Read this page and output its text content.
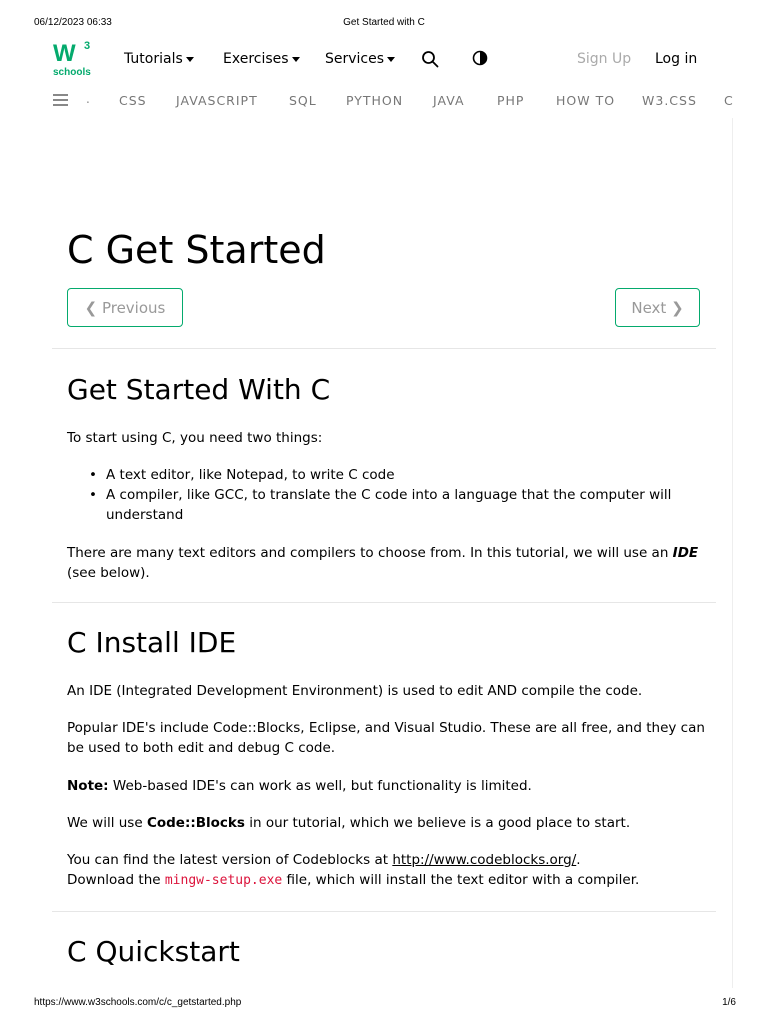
06/12/2023 06:33	Get Started with C
W 3
schools
Tutorials	Exercises	Services	Sign Up Log in
. CSS JAVASCRIPT	SQL PYTHON JAVA	PHP	HOW TO W3.CSS C
C Get Started
❮ Previous	Next ❯
Get Started With C
To start using C, you need two things:
• A text editor, like Notepad, to write C code
• A compiler, like GCC, to translate the C code into a language that the computer will understand
There are many text editors and compilers to choose from. In this tutorial, we will use an IDE (see below).
C Install IDE
An IDE (Integrated Development Environment) is used to edit AND compile the code.
Popular IDE's include Code::Blocks, Eclipse, and Visual Studio. These are all free, and they can be used to both edit and debug C code.
Note: Web-based IDE's can work as well, but functionality is limited.
We will use Code::Blocks in our tutorial, which we believe is a good place to start.
You can find the latest version of Codeblocks at http://www.codeblocks.org/.
Download the mingw-setup.exe file, which will install the text editor with a compiler.
C Quickstart
https://www.w3schools.com/c/c_getstarted.php	1/6
